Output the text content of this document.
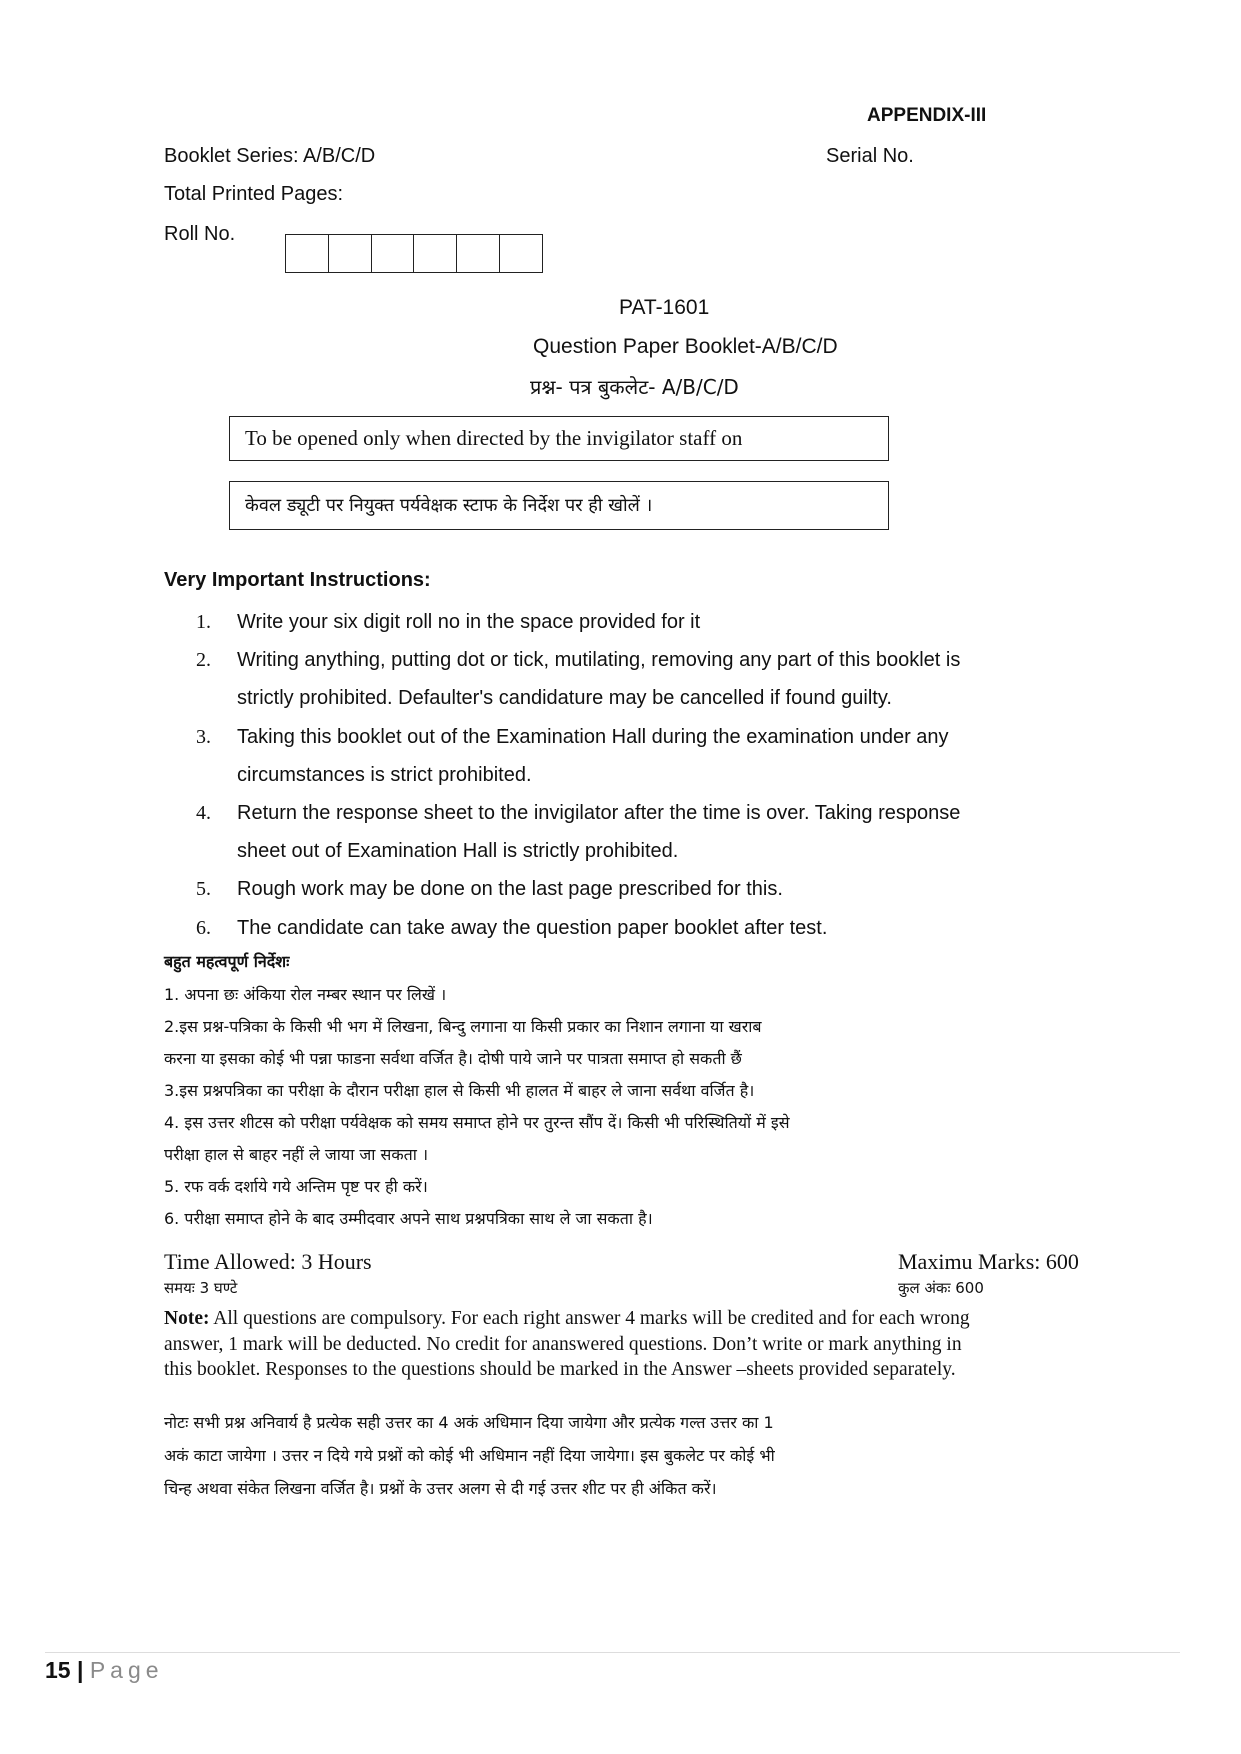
APPENDIX-III
Booklet Series: A/B/C/D	Serial No.
Total Printed Pages:
Roll No.
PAT-1601
Question Paper Booklet-A/B/C/D
प्रश्न- पत्र बुकलेट- A/B/C/D
To be opened only when directed by the invigilator staff on
केवल ड्यूटी पर नियुक्त पर्यवेक्षक स्टाफ के निर्देश पर ही खोलें ।
Very Important Instructions:
1.	Write your six digit roll no in the space provided for it
2.	Writing anything, putting dot or tick, mutilating, removing any part of this booklet is
strictly prohibited. Defaulter's candidature may be cancelled if found guilty.
3.	Taking this booklet out of the Examination Hall during the examination under any
circumstances is strict prohibited.
4.	Return the response sheet to the invigilator after the time is over. Taking response
sheet out of Examination Hall is strictly prohibited.
5.	Rough work may be done on the last page prescribed for this.
6.	The candidate can take away the question paper booklet after test.
बहुत महत्वपूर्ण निर्देशः
1. अपना छः अंकिया रोल नम्बर स्थान पर लिखें ।
2.इस प्रश्न-पत्रिका के किसी भी भग में लिखना, बिन्दु लगाना या किसी प्रकार का निशान लगाना या खराब
करना या इसका कोई भी पन्ना फाडना सर्वथा वर्जित है। दोषी पाये जाने पर पात्रता समाप्त हो सकती छैं
3.इस प्रश्नपत्रिका का परीक्षा के दौरान परीक्षा हाल से किसी भी हालत में बाहर ले जाना सर्वथा वर्जित है।
4. इस उत्तर शीटस को परीक्षा पर्यवेक्षक को समय समाप्त होने पर तुरन्त सौंप दें। किसी भी परिस्थितियों में इसे
परीक्षा हाल से बाहर नहीं ले जाया जा सकता ।
5. रफ वर्क दर्शाये गये अन्तिम पृष्ट पर ही करें।
6. परीक्षा समाप्त होने के बाद उम्मीदवार अपने साथ प्रश्नपत्रिका साथ ले जा सकता है।
Time Allowed: 3 Hours	Maximu Marks: 600
समयः 3 घण्टे	कुल अंकः 600
Note: All questions are compulsory. For each right answer 4 marks will be credited and for each wrong
answer, 1 mark will be deducted. No credit for ananswered questions. Don’t write or mark anything in
this booklet. Responses to the questions should be marked in the Answer –sheets provided separately.
नोटः सभी प्रश्न अनिवार्य है प्रत्येक सही उत्तर का 4 अकं अधिमान दिया जायेगा और प्रत्येक गल्त उत्तर का 1
अकं काटा जायेगा । उत्तर न दिये गये प्रश्नों को कोई भी अधिमान नहीं दिया जायेगा। इस बुकलेट पर कोई भी
चिन्ह अथवा संकेत लिखना वर्जित है। प्रश्नों के उत्तर अलग से दी गई उत्तर शीट पर ही अंकित करें।
15 | Page
